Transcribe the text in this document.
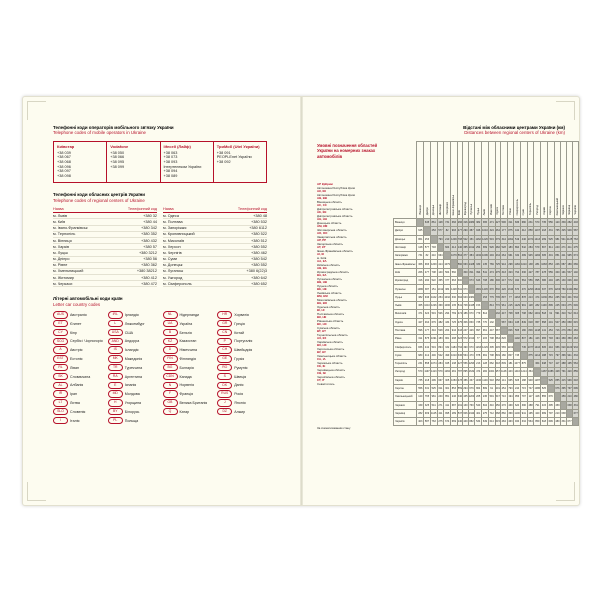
Телефонні коди операторів мобільного зв'язку України
Telephone codes of mobile operators in Ukraine
Київстар
+38 039
+38 067
+38 068
+38 096
+38 097
+38 098

Vodafone
+38 050
+38 066
+38 095
+38 099

lifecell (Лайф)
+38 063
+38 073
+38 093
Інтертелеком України
+38 094
+38 089

ТриМоб (Utel України)
+38 091
PEOPLEnet України
+38 092
Телефонні коди обласних центрів України
Telephone codes of regional centers of Ukraine
Назва	Телефонний код
м. Львів	+380 32
м. Київ	+380 44
м. Івано-Франківськ	+380 342
м. Тернопіль	+380 352
м. Вінниця	+380 432
м. Харків	+380 57
м. Луцьк	+380 3212
м. Дніпро	+380 56
м. Рівне	+380 362
м. Хмельницький	+380 38212
м. Житомир	+380 412
м. Черкаси	+380 472
Назва	Телефонний код
м. Одеса	+380 48
м. Полтава	+380 532
м. Запоріжжя	+380 6112
м. Кропивницький	+380 522
м. Миколаїв	+380 512
м. Херсон	+380 552
м. Чернігів	+380 462
м. Суми	+380 542
м. Донецьк	+380 552
м. Луганськ	+380 6(22)3
м. Ужгород	+380 642
м. Сімферополь	+380 652
Літерні автомобільні коди країн
Letter car country codes
AUS	Австралія	IRL	Ірландія	NL	Нідерланди	HR	Хорватія
ET	Єгипет	L	Люксембург	UA	Україна	GR	Греція
CY	Кіпр	USA	США	B	Бельгія	CN	Китай
SCG	Сербія і Чорногорія	AND	Андорра	KZ	Казахстан	P	Португалія
A	Австрія	IS	Ісландія	D	Німеччина	CH	Швейцарія
EST	Естонія	MK	Македонія	FIN	Фінляндія	GE	Грузія
RL	Ліван	TR	Туреччина	BG	Болгарія	RO	Румунія
SK	Словаччина	RA	Аргентина	CDN	Канада	S	Швеція
AL	Албанія	E	Іспанія	N	Норвегія	DK	Данія
IR	Іран	MD	Молдова	F	Франція	RUS	Росія
LT	Литва	H	Угорщина	GB	Велика Британія	J	Японія
SLO	Словенія	BY	Білорусь	Q	Катар	DZ	Алжир
I	Італія	PL	Польща
Відстані між обласними центрами України (км)
Distances between regional centers of Ukraine (km)
Умовні позначення областей України на номерних знаках автомобілів
АР КрКрим
Автономна Республіка Крим
АК, КК
Автономна Республіка Крим
АВ, ВВ
Вінницька область
АС, СС
Дніпропетровська область
АЕ, ЕЕ
Дніпропетровська область
АН, НН
Донецька область
АМ, КМ
Житомирська область
АО, ОО
Закарпатська область
АР, РР
Запорізька область
АТ, КТ
Івано-Франківська область
АІ, КІ
м. Київ
АА, КА
Київська область
АВ, ВА
Кіровоградська область
ВА, КА
Луганська область
ВВ, НВ
Луцька область
ВЕ, НЕ
Львівська область
ВМ, НМ
Миколаївська область
ВН, ВО
Одеська область
ВІ, НІ
Полтавська область
ВК, НК
Рівненська область
ВС, НС
Сумська область
ВТ, НТ
Тернопільська область
АХ, КХ
Харківська область
ВХ, НХ
Херсонська область
ВУ, НУ
Хмельницька область
СА, ІА
Черкаська область
СЕ, ІЕ
Чернівецька область
СВ, ІВ
Чернігівська область
СТ, ІТ
Севастополь
За схематизованим стану
	Вінниця	Дніпро	Донецьк	Житомир	Запоріжжя	Івано-Франківськ	Київ	Кіровоград	Луганськ	Луцьк	Львів	Миколаїв	Одеса	Полтава	Рівне	Сімферополь	Суми	Тернопіль	Ужгород	Харків	Херсон	Хмельницький	Черкаси	Чернівці	Чернігів
Вінниця		645	861	128	731	366	266	316	1080	382	365	471	427	596	311	836	680	231	570	735	556	120	339	282	403
Дніпро	645		253	577	82	993	477	290	387	946	1010	324	464	177	875	442	412	858	1197	218	331	765	325	909	587
Донецьк	861	253		793	210	1209	708	522	151	1162	1226	519	679	344	1091	519	446	1074	1413	299	525	981	541	1125	763
Житомир	128	577	793		664	414	140	365	1012	254	369	526	482	528	183	894	542	284	579	667	611	240	271	411	275
Запоріжжя	731	82	210	664		1079	564	377	384	1032	1096	294	434	264	961	332	499	945	1284	305	301	851	411	995	674
Івано-Франківськ	366	993	1209	414	1079		560	663	1428	330	135	769	725	944	298	1184	1010	138	281	1083	853	246	687	189	669
Київ	266	477	708	140	564	560		300	811	394	541	474	475	343	323	794	336	427	787	478	559	340	191	537	140
Кіровоград	316	290	522	365	377	663	300		673	643	708	186	306	247	572	490	564	556	895	386	294	435	130	606	440
Луганськ	1080	387	151	1012	384	1428	811	673		1381	1445	670	830	426	1310	670	470	1293	1632	337	676	1200	760	1344	882
Луцьк	382	946	1162	254	1032	330	394	643	1381		153	779	735	897	77	1263	878	213	474	1036	864	265	540	401	534
Львів	365	1010	1226	369	1096	135	541	708	1445	153		814	770	961	215	1229	991	128	282	1100	899	245	604	275	649
Миколаїв	471	324	519	526	294	769	474	186	670	779	814		132	447	708	305	708	662	1001	518	61	591	310	712	614
Одеса	427	464	679	482	434	725	475	306	830	735	770	132		587	664	445	849	618	957	658	201	547	450	668	615
Полтава	596	177	344	528	264	944	343	247	426	897	961	447	587		826	565	180	809	1148	141	454	716	276	860	484
Рівне	311	875	1091	183	961	298	323	572	1310	77	215	708	664	826		1192	807	181	443	965	793	194	469	369	463
Сімферополь	836	442	519	894	332	1184	794	490	670	1263	1229	305	445	565	1192		745	1077	1416	605	244	956	620	1100	934
Суми	680	412	446	542	499	1010	336	564	470	878	991	708	849	180	807	745		875	1214	188	715	797	396	941	334
Тернопіль	231	858	1074	284	945	138	427	556	1293	213	128	662	618	809	181	1077	875		364	948	747	117	488	195	564
Ужгород	570	1197	1413	579	1284	281	787	895	1632	474	282	1001	957	1148	443	1416	1214	364		1287	1086	428	791	420	859
Харків	735	218	299	667	305	1083	478	386	337	1036	1100	518	658	141	965	605	188	948	1287		525	855	415	999	618
Херсон	556	331	525	611	301	853	559	294	676	864	899	61	201	454	793	244	715	747	1086	525		676	395	797	699
Хмельницький	120	765	981	240	851	246	340	435	1200	265	245	591	547	716	194	956	797	117	428	855	676		459	210	480
Черкаси	339	325	541	271	411	687	191	130	760	540	604	310	450	276	469	620	396	488	791	415	395	459		638	331
Чернівці	282	909	1125	411	995	189	537	606	1344	401	275	712	668	860	369	1100	941	195	420	999	797	210	638		677
Чернігів	403	587	763	275	674	669	140	440	882	534	649	614	615	484	463	934	334	564	859	618	699	480	331	677	
